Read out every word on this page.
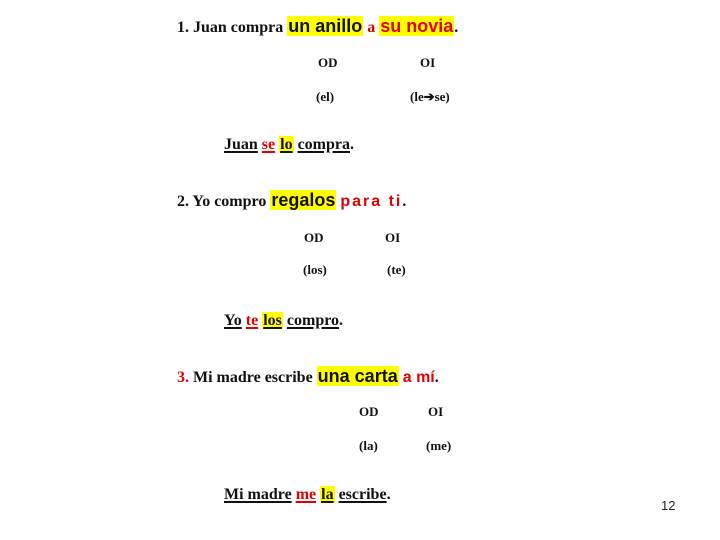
1. Juan compra un anillo a su novia.
OD	OI
(el)	(le➔se)
Juan se lo compra.
2. Yo compro regalos para ti.
OD	OI
(los)	(te)
Yo te los compro.
3. Mi madre escribe una carta a mí.
OD	OI
(la)	(me)
Mi madre me la escribe.
12
